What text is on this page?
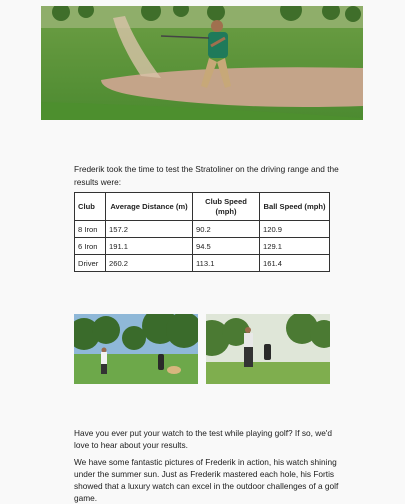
Frederik took the time to test the Stratoliner on the driving range and the results were:

Club	Average Distance (m)	Club Speed (mph)	Ball Speed (mph)
8 Iron	157.2	90.2	120.9
6 Iron	191.1	94.5	129.1
Driver	260.2	113.1	161.4

Have you ever put your watch to the test while playing golf? If so, we'd love to hear about your results.

We have some fantastic pictures of Frederik in action, his watch shining under the summer sun. Just as Frederik mastered each hole, his Fortis showed that a luxury watch can excel in the outdoor challenges of a golf game.
